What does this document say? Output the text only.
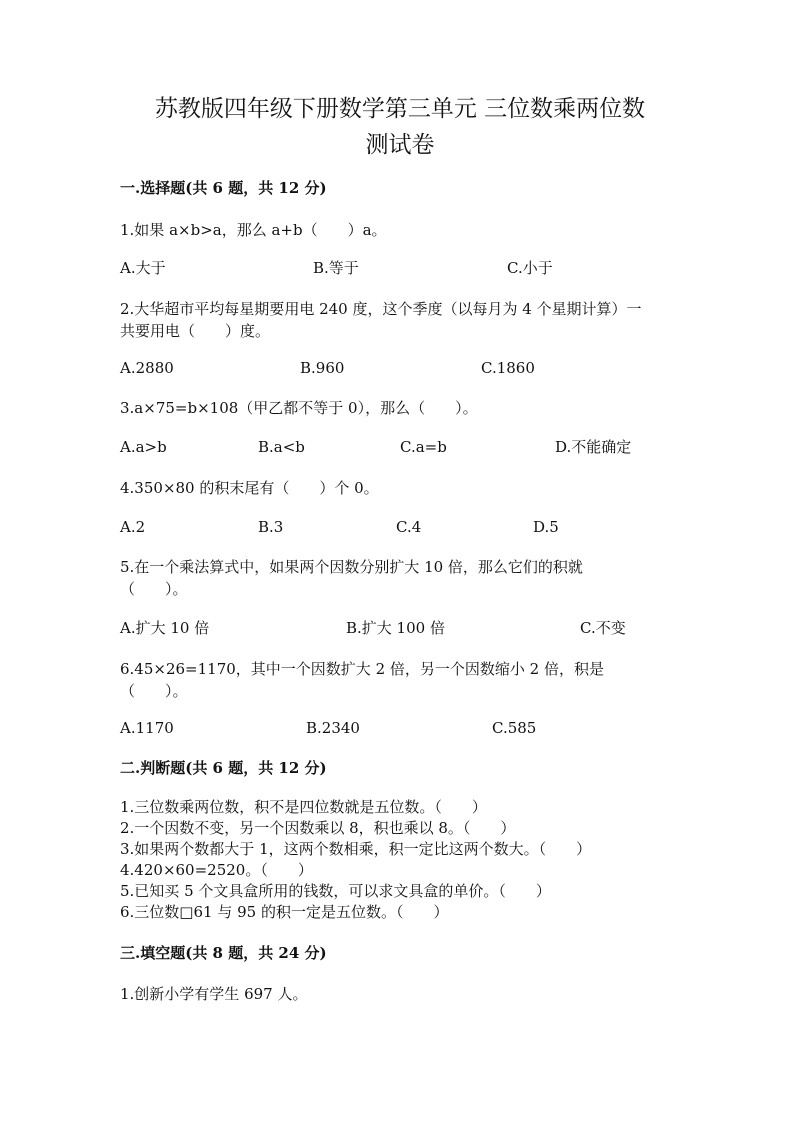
苏教版四年级下册数学第三单元 三位数乘两位数
测试卷
一.选择题(共 6 题，共 12 分)
1.如果 a×b>a，那么 a+b（　　）a。
A.大于	B.等于	C.小于
2.大华超市平均每星期要用电 240 度，这个季度（以每月为 4 个星期计算）一
共要用电（　　）度。
A.2880	B.960	C.1860
3.a×75=b×108（甲乙都不等于 0），那么（　　）。
A.a>b	B.a<b	C.a=b	D.不能确定
4.350×80 的积末尾有（　　）个 0。
A.2	B.3	C.4	D.5
5.在一个乘法算式中，如果两个因数分别扩大 10 倍，那么它们的积就
（　　）。
A.扩大 10 倍	B.扩大 100 倍	C.不变
6.45×26=1170，其中一个因数扩大 2 倍，另一个因数缩小 2 倍，积是
（　　）。
A.1170	B.2340	C.585
二.判断题(共 6 题，共 12 分)
1.三位数乘两位数，积不是四位数就是五位数。（　　）
2.一个因数不变，另一个因数乘以 8，积也乘以 8。（　　）
3.如果两个数都大于 1，这两个数相乘，积一定比这两个数大。（　　）
4.420×60=2520。（　　）
5.已知买 5 个文具盒所用的钱数，可以求文具盒的单价。（　　）
6.三位数□61 与 95 的积一定是五位数。（　　）
三.填空题(共 8 题，共 24 分)
1.创新小学有学生 697 人。
